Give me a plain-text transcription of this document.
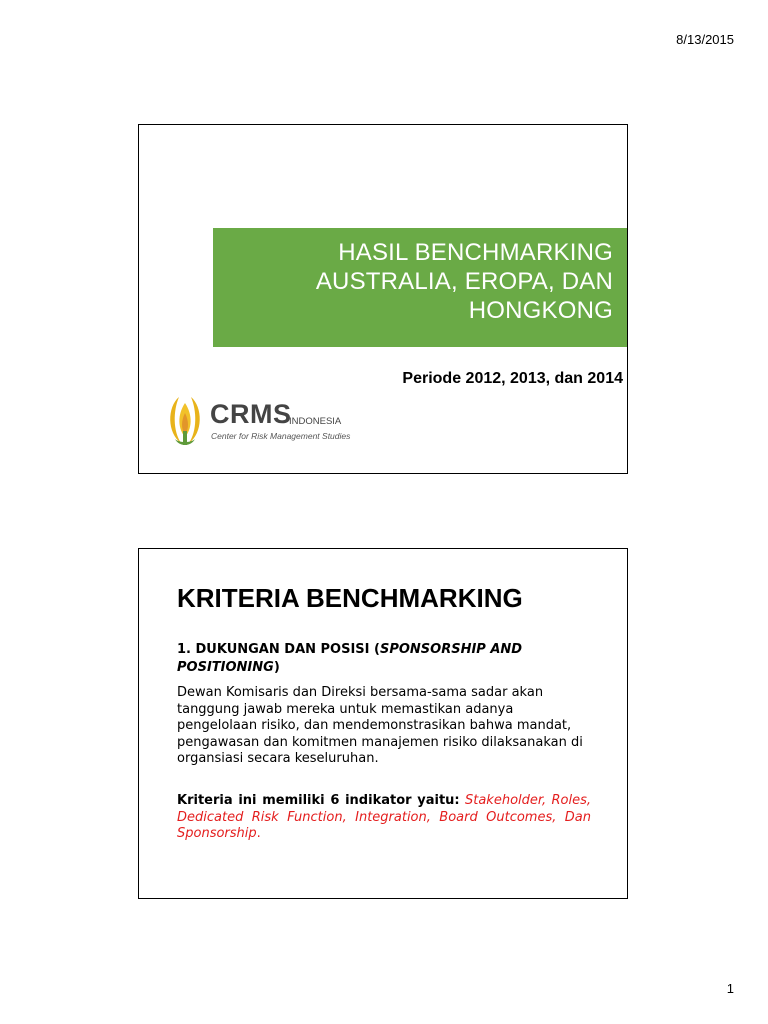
8/13/2015
HASIL BENCHMARKING
AUSTRALIA, EROPA, DAN
HONGKONG
Periode 2012, 2013, dan 2014
CRMS
INDONESIA
Center for Risk Management Studies
KRITERIA BENCHMARKING
1. DUKUNGAN DAN POSISI (SPONSORSHIP AND POSITIONING)
Dewan Komisaris dan Direksi bersama-sama sadar akan tanggung jawab mereka untuk memastikan adanya pengelolaan risiko, dan mendemonstrasikan bahwa mandat, pengawasan dan komitmen manajemen risiko dilaksanakan di organsiasi secara keseluruhan.
Kriteria ini memiliki 6 indikator yaitu: Stakeholder, Roles, Dedicated Risk Function, Integration, Board Outcomes, Dan Sponsorship.
1
